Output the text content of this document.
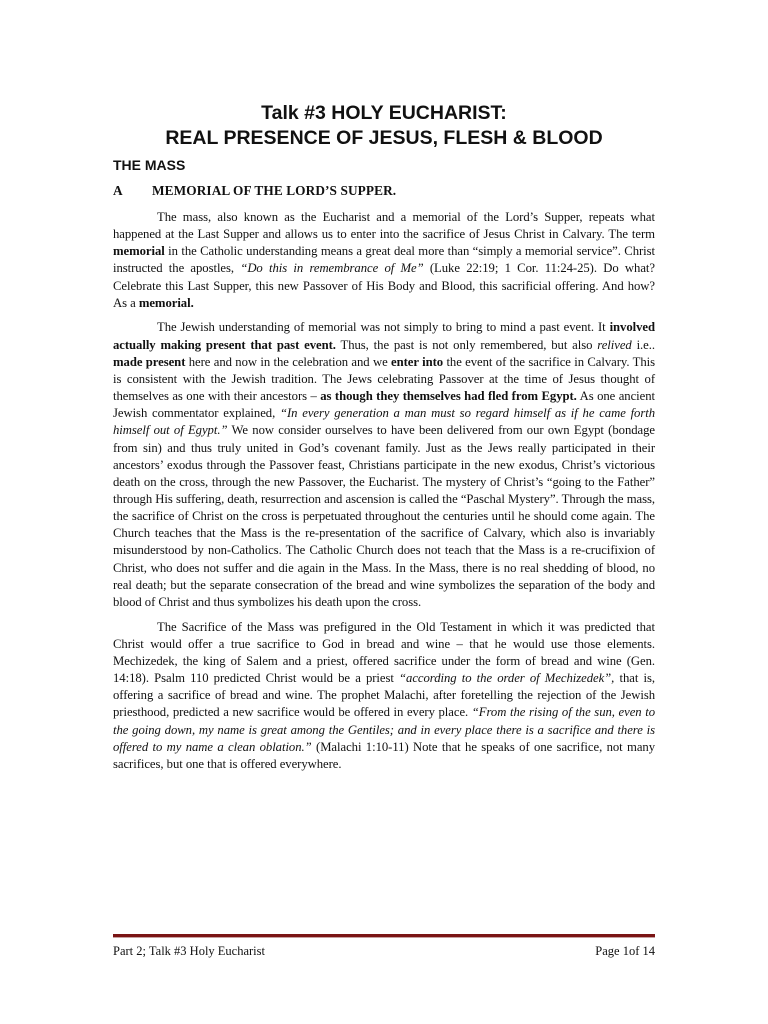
Talk #3 HOLY EUCHARIST:
REAL PRESENCE OF JESUS, FLESH & BLOOD
THE MASS
A MEMORIAL OF THE LORD’S SUPPER.

The mass, also known as the Eucharist and a memorial of the Lord’s Supper, repeats what happened at the Last Supper and allows us to enter into the sacrifice of Jesus Christ in Calvary. The term memorial in the Catholic understanding means a great deal more than “simply a memorial service”. Christ instructed the apostles, “Do this in remembrance of Me” (Luke 22:19; 1 Cor. 11:24-25). Do what? Celebrate this Last Supper, this new Passover of His Body and Blood, this sacrificial offering. And how? As a memorial.

The Jewish understanding of memorial was not simply to bring to mind a past event. It involved actually making present that past event. Thus, the past is not only remembered, but also relived i.e.. made present here and now in the celebration and we enter into the event of the sacrifice in Calvary. This is consistent with the Jewish tradition. The Jews celebrating Passover at the time of Jesus thought of themselves as one with their ancestors – as though they themselves had fled from Egypt. As one ancient Jewish commentator explained, “In every generation a man must so regard himself as if he came forth himself out of Egypt.” We now consider ourselves to have been delivered from our own Egypt (bondage from sin) and thus truly united in God’s covenant family. Just as the Jews really participated in their ancestors’ exodus through the Passover feast, Christians participate in the new exodus, Christ’s victorious death on the cross, through the new Passover, the Eucharist. The mystery of Christ’s “going to the Father” through His suffering, death, resurrection and ascension is called the “Paschal Mystery”. Through the mass, the sacrifice of Christ on the cross is perpetuated throughout the centuries until he should come again. The Church teaches that the Mass is the re-presentation of the sacrifice of Calvary, which also is invariably misunderstood by non-Catholics. The Catholic Church does not teach that the Mass is a re-crucifixion of Christ, who does not suffer and die again in the Mass. In the Mass, there is no real shedding of blood, no real death; but the separate consecration of the bread and wine symbolizes the separation of the body and blood of Christ and thus symbolizes his death upon the cross.

The Sacrifice of the Mass was prefigured in the Old Testament in which it was predicted that Christ would offer a true sacrifice to God in bread and wine – that he would use those elements. Mechizedek, the king of Salem and a priest, offered sacrifice under the form of bread and wine (Gen. 14:18). Psalm 110 predicted Christ would be a priest “according to the order of Mechizedek”, that is, offering a sacrifice of bread and wine. The prophet Malachi, after foretelling the rejection of the Jewish priesthood, predicted a new sacrifice would be offered in every place. “From the rising of the sun, even to the going down, my name is great among the Gentiles; and in every place there is a sacrifice and there is offered to my name a clean oblation.” (Malachi 1:10-11) Note that he speaks of one sacrifice, not many sacrifices, but one that is offered everywhere.

Part 2; Talk #3 Holy Eucharist	Page 1of 14
